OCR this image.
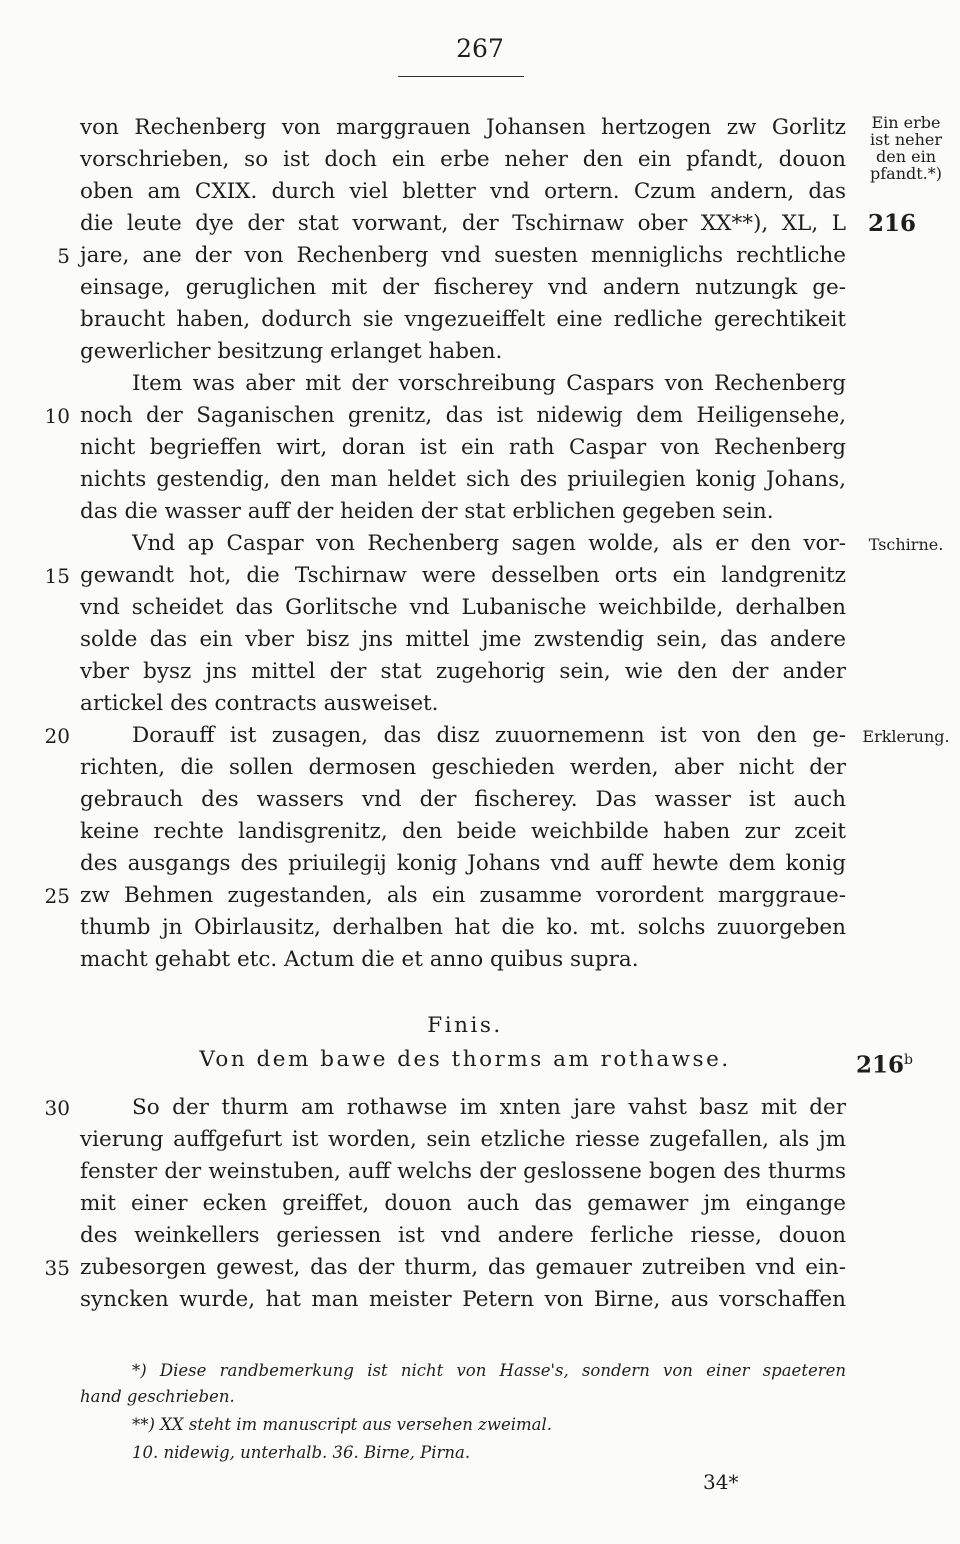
267
von Rechenberg von marggrauen Johansen hertzogen zw Gorlitz
vorschrieben, so ist doch ein erbe neher den ein pfandt, douon
oben am CXIX. durch viel bletter vnd ortern. Czum andern, das
die leute dye der stat vorwant, der Tschirnaw ober XX**), XL, L
jare, ane der von Rechenberg vnd suesten menniglichs rechtliche
einsage, geruglichen mit der fischerey vnd andern nutzungk ge-
braucht haben, dodurch sie vngezueiffelt eine redliche gerechtikeit
gewerlicher besitzung erlanget haben.
Item was aber mit der vorschreibung Caspars von Rechenberg
noch der Saganischen grenitz, das ist nidewig dem Heiligensehe,
nicht begrieffen wirt, doran ist ein rath Caspar von Rechenberg
nichts gestendig, den man heldet sich des priuilegien konig Johans,
das die wasser auff der heiden der stat erblichen gegeben sein.
Vnd ap Caspar von Rechenberg sagen wolde, als er den vor-
gewandt hot, die Tschirnaw were desselben orts ein landgrenitz
vnd scheidet das Gorlitsche vnd Lubanische weichbilde, derhalben
solde das ein vber bisz jns mittel jme zwstendig sein, das andere
vber bysz jns mittel der stat zugehorig sein, wie den der ander
artickel des contracts ausweiset.
Dorauff ist zusagen, das disz zuuornemenn ist von den ge-
richten, die sollen dermosen geschieden werden, aber nicht der
gebrauch des wassers vnd der fischerey. Das wasser ist auch
keine rechte landisgrenitz, den beide weichbilde haben zur zceit
des ausgangs des priuilegij konig Johans vnd auff hewte dem konig
zw Behmen zugestanden, als ein zusamme vorordent marggraue-
thumb jn Obirlausitz, derhalben hat die ko. mt. solchs zuuorgeben
macht gehabt etc. Actum die et anno quibus supra.
5
10
15
20
25
30
35
Ein erbe
ist neher
den ein
pfandt.*)
Tschirne.
Erklerung.
216
216$^b$
Finis.
Von dem bawe des thorms am rothawse.
So der thurm am rothawse im xnten jare vahst basz mit der
vierung auffgefurt ist worden, sein etzliche riesse zugefallen, als jm
fenster der weinstuben, auff welchs der geslossene bogen des thurms
mit einer ecken greiffet, douon auch das gemawer jm eingange
des weinkellers geriessen ist vnd andere ferliche riesse, douon
zubesorgen gewest, das der thurm, das gemauer zutreiben vnd ein-
syncken wurde, hat man meister Petern von Birne, aus vorschaffen
*) Diese randbemerkung ist nicht von Hasse's, sondern von einer spaeteren
hand geschrieben.
**) XX steht im manuscript aus versehen zweimal.
10. nidewig, unterhalb. 36. Birne, Pirna.
34*
